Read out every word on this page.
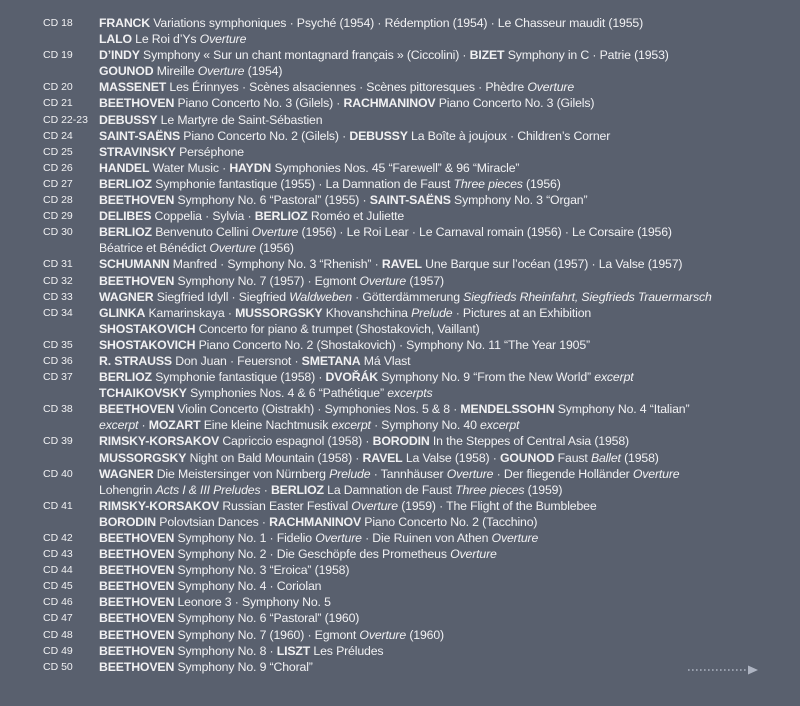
CD 18 FRANCK Variations symphoniques · Psyché (1954) · Rédemption (1954) · Le Chasseur maudit (1955)
LALO Le Roi d’Ys Overture
CD 19 D’INDY Symphony « Sur un chant montagnard français » (Ciccolini) · BIZET Symphony in C · Patrie (1953)
GOUNOD Mireille Overture (1954)
CD 20 MASSENET Les Érinnyes · Scènes alsaciennes · Scènes pittoresques · Phèdre Overture
CD 21 BEETHOVEN Piano Concerto No. 3 (Gilels) · RACHMANINOV Piano Concerto No. 3 (Gilels)
CD 22-23 DEBUSSY Le Martyre de Saint-Sébastien
CD 24 SAINT-SAËNS Piano Concerto No. 2 (Gilels) · DEBUSSY La Boîte à joujoux · Children’s Corner
CD 25 STRAVINSKY Perséphone
CD 26 HANDEL Water Music · HAYDN Symphonies Nos. 45 “Farewell” & 96 “Miracle”
CD 27 BERLIOZ Symphonie fantastique (1955) · La Damnation de Faust Three pieces (1956)
CD 28 BEETHOVEN Symphony No. 6 “Pastoral” (1955) · SAINT-SAËNS Symphony No. 3 “Organ”
CD 29 DELIBES Coppelia · Sylvia · BERLIOZ Roméo et Juliette
CD 30 BERLIOZ Benvenuto Cellini Overture (1956) · Le Roi Lear · Le Carnaval romain (1956) · Le Corsaire (1956)
Béatrice et Bénédict Overture (1956)
CD 31 SCHUMANN Manfred · Symphony No. 3 “Rhenish” · RAVEL Une Barque sur l’océan (1957) · La Valse (1957)
CD 32 BEETHOVEN Symphony No. 7 (1957) · Egmont Overture (1957)
CD 33 WAGNER Siegfried Idyll · Siegfried Waldweben · Götterdämmerung Siegfrieds Rheinfahrt, Siegfrieds Trauermarsch
CD 34 GLINKA Kamarinskaya · MUSSORGSKY Khovanshchina Prelude · Pictures at an Exhibition
SHOSTAKOVICH Concerto for piano & trumpet (Shostakovich, Vaillant)
CD 35 SHOSTAKOVICH Piano Concerto No. 2 (Shostakovich) · Symphony No. 11 “The Year 1905”
CD 36 R. STRAUSS Don Juan · Feuersnot · SMETANA Má Vlast
CD 37 BERLIOZ Symphonie fantastique (1958) · DVOŘÁK Symphony No. 9 “From the New World” excerpt
TCHAIKOVSKY Symphonies Nos. 4 & 6 “Pathétique” excerpts
CD 38 BEETHOVEN Violin Concerto (Oistrakh) · Symphonies Nos. 5 & 8 · MENDELSSOHN Symphony No. 4 “Italian”
excerpt · MOZART Eine kleine Nachtmusik excerpt · Symphony No. 40 excerpt
CD 39 RIMSKY-KORSAKOV Capriccio espagnol (1958) · BORODIN In the Steppes of Central Asia (1958)
MUSSORGSKY Night on Bald Mountain (1958) · RAVEL La Valse (1958) · GOUNOD Faust Ballet (1958)
CD 40 WAGNER Die Meistersinger von Nürnberg Prelude · Tannhäuser Overture · Der fliegende Holländer Overture
Lohengrin Acts I & III Preludes · BERLIOZ La Damnation de Faust Three pieces (1959)
CD 41 RIMSKY-KORSAKOV Russian Easter Festival Overture (1959) · The Flight of the Bumblebee
BORODIN Polovtsian Dances · RACHMANINOV Piano Concerto No. 2 (Tacchino)
CD 42 BEETHOVEN Symphony No. 1 · Fidelio Overture · Die Ruinen von Athen Overture
CD 43 BEETHOVEN Symphony No. 2 · Die Geschöpfe des Prometheus Overture
CD 44 BEETHOVEN Symphony No. 3 “Eroica” (1958)
CD 45 BEETHOVEN Symphony No. 4 · Coriolan
CD 46 BEETHOVEN Leonore 3 · Symphony No. 5
CD 47 BEETHOVEN Symphony No. 6 “Pastoral” (1960)
CD 48 BEETHOVEN Symphony No. 7 (1960) · Egmont Overture (1960)
CD 49 BEETHOVEN Symphony No. 8 · LISZT Les Préludes
CD 50 BEETHOVEN Symphony No. 9 “Choral”
